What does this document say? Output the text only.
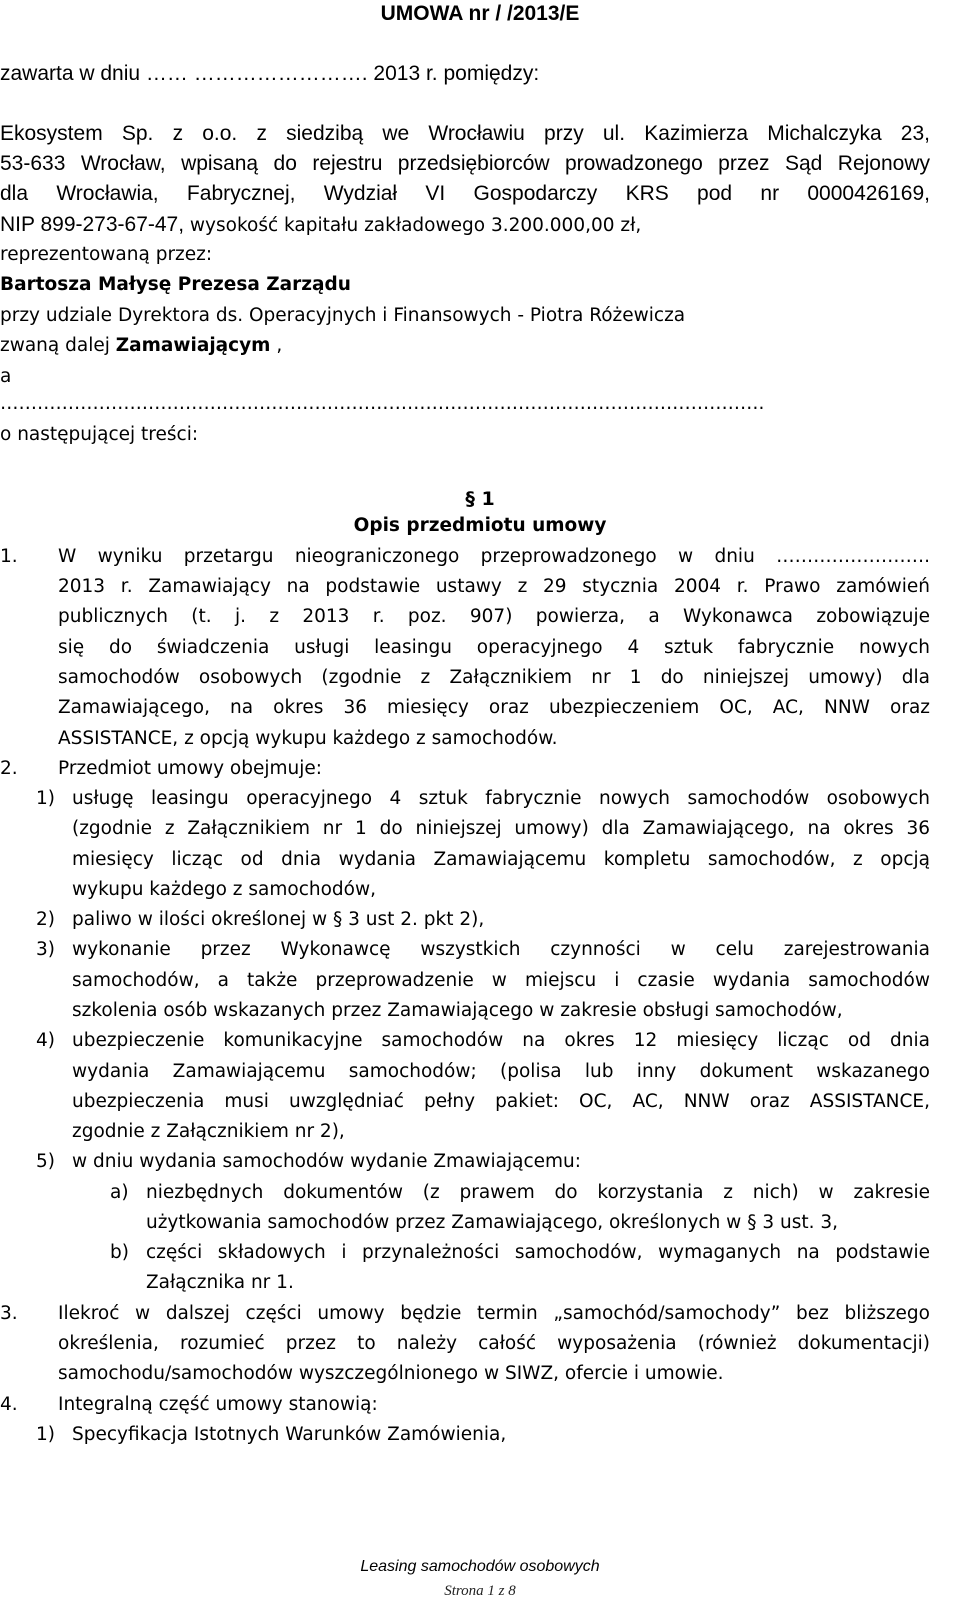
UMOWA nr / /2013/E
zawarta w dniu …… ……………………. 2013 r. pomiędzy:
Ekosystem Sp. z o.o. z siedzibą we Wrocławiu przy ul. Kazimierza Michalczyka 23,
53-633 Wrocław, wpisaną do rejestru przedsiębiorców prowadzonego przez Sąd Rejonowy
dla Wrocławia, Fabrycznej, Wydział VI Gospodarczy KRS pod nr 0000426169,
NIP 899-273-67-47, wysokość kapitału zakładowego 3.200.000,00 zł,
reprezentowaną przez:
Bartosza Małysę Prezesa Zarządu
przy udziale Dyrektora ds. Operacyjnych i Finansowych - Piotra Różewicza
zwaną dalej Zamawiającym ,
a
…………………………………………………………………………………………………………….
o następującej treści:
§ 1
Opis przedmiotu umowy
1. W wyniku przetargu nieograniczonego przeprowadzonego w dniu …………………….
2013 r. Zamawiający na podstawie ustawy z 29 stycznia 2004 r. Prawo zamówień
publicznych (t. j. z 2013 r. poz. 907) powierza, a Wykonawca zobowiązuje
się do świadczenia usługi leasingu operacyjnego 4 sztuk fabrycznie nowych
samochodów osobowych (zgodnie z Załącznikiem nr 1 do niniejszej umowy) dla
Zamawiającego, na okres 36 miesięcy oraz ubezpieczeniem OC, AC, NNW oraz
ASSISTANCE, z opcją wykupu każdego z samochodów.
2. Przedmiot umowy obejmuje:
1) usługę leasingu operacyjnego 4 sztuk fabrycznie nowych samochodów osobowych
(zgodnie z Załącznikiem nr 1 do niniejszej umowy) dla Zamawiającego, na okres 36
miesięcy licząc od dnia wydania Zamawiającemu kompletu samochodów, z opcją
wykupu każdego z samochodów,
2) paliwo w ilości określonej w § 3 ust 2. pkt 2),
3) wykonanie przez Wykonawcę wszystkich czynności w celu zarejestrowania
samochodów, a także przeprowadzenie w miejscu i czasie wydania samochodów
szkolenia osób wskazanych przez Zamawiającego w zakresie obsługi samochodów,
4) ubezpieczenie komunikacyjne samochodów na okres 12 miesięcy licząc od dnia
wydania Zamawiającemu samochodów; (polisa lub inny dokument wskazanego
ubezpieczenia musi uwzględniać pełny pakiet: OC, AC, NNW oraz ASSISTANCE,
zgodnie z Załącznikiem nr 2),
5) w dniu wydania samochodów wydanie Zmawiającemu:
a) niezbędnych dokumentów (z prawem do korzystania z nich) w zakresie
użytkowania samochodów przez Zamawiającego, określonych w § 3 ust. 3,
b) części składowych i przynależności samochodów, wymaganych na podstawie
Załącznika nr 1.
3. Ilekroć w dalszej części umowy będzie termin „samochód/samochody” bez bliższego
określenia, rozumieć przez to należy całość wyposażenia (również dokumentacji)
samochodu/samochodów wyszczególnionego w SIWZ, ofercie i umowie.
4. Integralną część umowy stanowią:
1) Specyfikacja Istotnych Warunków Zamówienia,
Leasing samochodów osobowych
Strona 1 z 8
